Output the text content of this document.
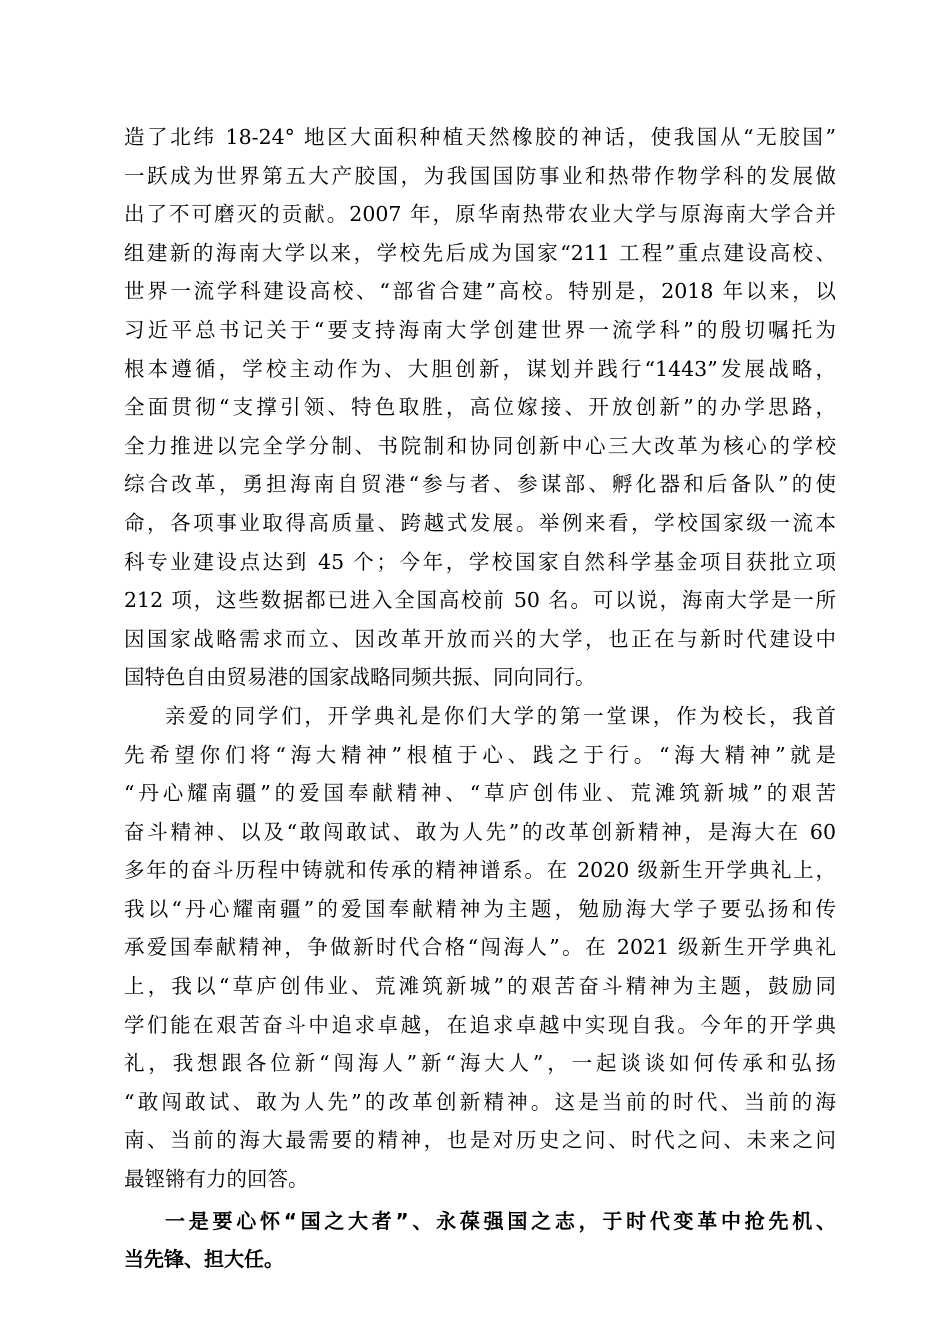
造了北纬 18-24° 地区大面积种植天然橡胶的神话，使我国从“无胶国”
一跃成为世界第五大产胶国，为我国国防事业和热带作物学科的发展做
出了不可磨灭的贡献。2007 年，原华南热带农业大学与原海南大学合并
组建新的海南大学以来，学校先后成为国家“211 工程”重点建设高校、
世界一流学科建设高校、“部省合建”高校。特别是，2018 年以来，以
习近平总书记关于“要支持海南大学创建世界一流学科”的殷切嘱托为
根本遵循，学校主动作为、大胆创新，谋划并践行“1443”发展战略，
全面贯彻“支撑引领、特色取胜，高位嫁接、开放创新”的办学思路，
全力推进以完全学分制、书院制和协同创新中心三大改革为核心的学校
综合改革，勇担海南自贸港“参与者、参谋部、孵化器和后备队”的使
命，各项事业取得高质量、跨越式发展。举例来看，学校国家级一流本
科专业建设点达到 45 个；今年，学校国家自然科学基金项目获批立项
212 项，这些数据都已进入全国高校前 50 名。可以说，海南大学是一所
因国家战略需求而立、因改革开放而兴的大学，也正在与新时代建设中
国特色自由贸易港的国家战略同频共振、同向同行。
亲爱的同学们，开学典礼是你们大学的第一堂课，作为校长，我首
先希望你们将“海大精神”根植于心、践之于行。“海大精神”就是
“丹心耀南疆”的爱国奉献精神、“草庐创伟业、荒滩筑新城”的艰苦
奋斗精神、以及“敢闯敢试、敢为人先”的改革创新精神，是海大在 60
多年的奋斗历程中铸就和传承的精神谱系。在 2020 级新生开学典礼上，
我以“丹心耀南疆”的爱国奉献精神为主题，勉励海大学子要弘扬和传
承爱国奉献精神，争做新时代合格“闯海人”。在 2021 级新生开学典礼
上，我以“草庐创伟业、荒滩筑新城”的艰苦奋斗精神为主题，鼓励同
学们能在艰苦奋斗中追求卓越，在追求卓越中实现自我。今年的开学典
礼，我想跟各位新“闯海人”新“海大人”，一起谈谈如何传承和弘扬
“敢闯敢试、敢为人先”的改革创新精神。这是当前的时代、当前的海
南、当前的海大最需要的精神，也是对历史之问、时代之问、未来之问
最铿锵有力的回答。
一是要心怀“国之大者”、永葆强国之志，于时代变革中抢先机、
当先锋、担大任。
